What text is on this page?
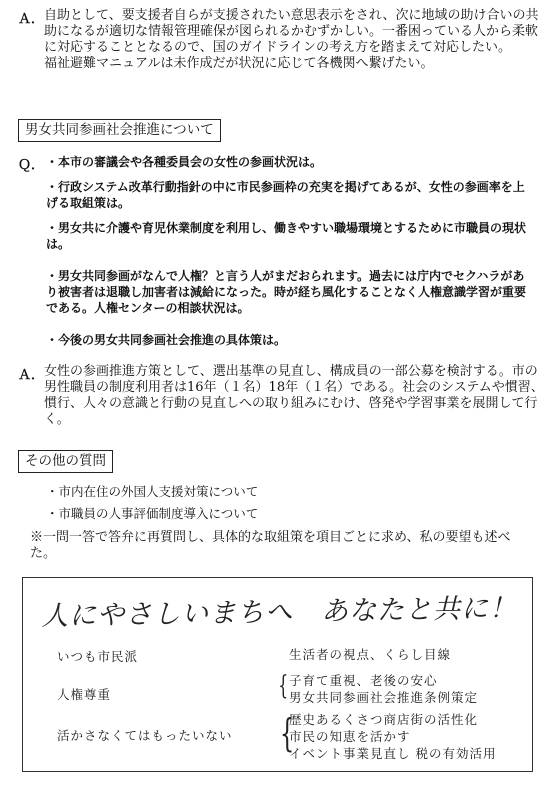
Ａ． 自助として、要支援者自らが支援されたい意思表示をされ、次に地域の助け合いの共助になるが適切な情報管理確保が図られるかむずかしい。一番困っている人から柔軟に対応することとなるので、国のガイドラインの考え方を踏まえて対応したい。

福祉避難マニュアルは未作成だが状況に応じて各機関へ繋げたい。

男女共同参画社会推進について
Ｑ． ・本市の審議会や各種委員会の女性の参画状況は。
・行政システム改革行動指針の中に市民参画枠の充実を掲げてあるが、女性の参画率を上げる取組策は。
・男女共に介護や育児休業制度を利用し、働きやすい職場環境とするために市職員の現状は。
・男女共同参画がなんで人権？と言う人がまだおられます。過去には庁内でセクハラがあり被害者は退職し加害者は減給になった。時が経ち風化することなく人権意識学習が重要である。人権センターの相談状況は。
・今後の男女共同参画社会推進の具体策は。
Ａ． 女性の参画推進方策として、選出基準の見直し、構成員の一部公募を検討する。市の男性職員の制度利用者は16年（１名）18年（１名）である。社会のシステムや慣習、慣行、人々の意識と行動の見直しへの取り組みにむけ、啓発や学習事業を展開して行く。
その他の質問
・市内在住の外国人支援対策について
・市職員の人事評価制度導入について
※一問一答で答弁に再質問し、具体的な取組策を項目ごとに求め、私の要望も述べた。
人にやさしいまちへ　あなたと共に！
いつも市民派	生活者の視点、くらし目線
人権尊重	{ 子育て重視、老後の安心
男女共同参画社会推進条例策定
活かさなくてはもったいない {
歴史あるくさつ商店街の活性化
市民の知恵を活かす
イベント事業見直し 税の有効活用
